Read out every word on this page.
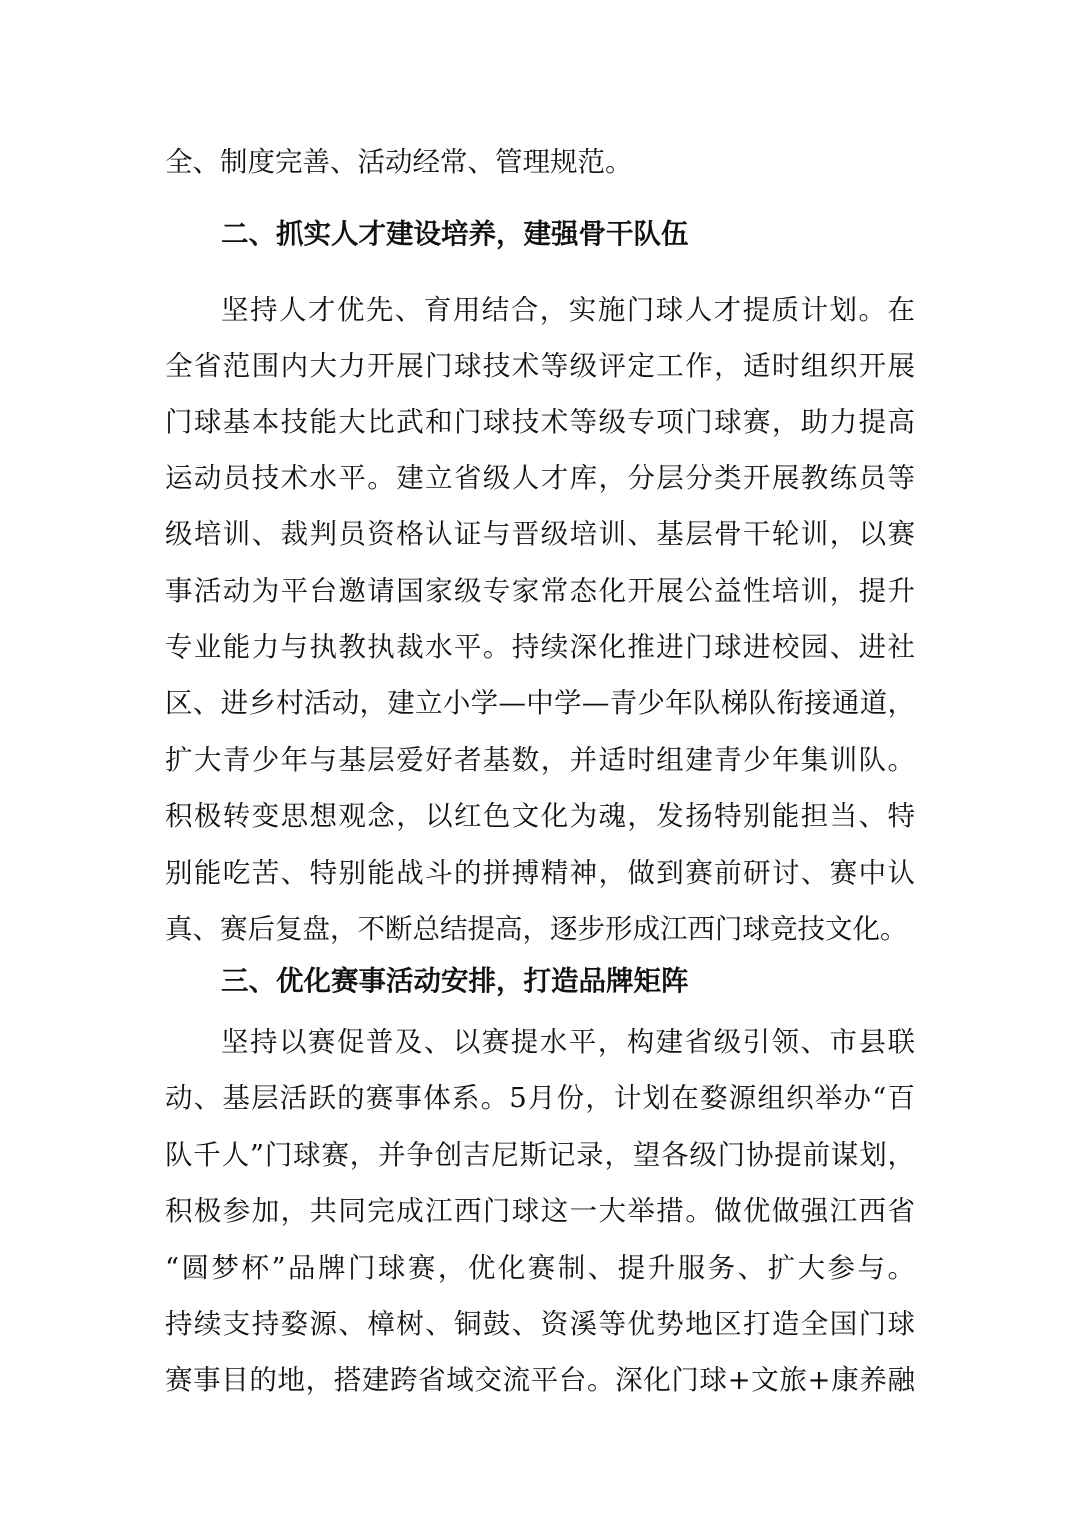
全、制度完善、活动经常、管理规范。
二、抓实人才建设培养，建强骨干队伍
坚持人才优先、育用结合，实施门球人才提质计划。在
全省范围内大力开展门球技术等级评定工作，适时组织开展
门球基本技能大比武和门球技术等级专项门球赛，助力提高
运动员技术水平。建立省级人才库，分层分类开展教练员等
级培训、裁判员资格认证与晋级培训、基层骨干轮训，以赛
事活动为平台邀请国家级专家常态化开展公益性培训，提升
专业能力与执教执裁水平。持续深化推进门球进校园、进社
区、进乡村活动，建立小学—中学—青少年队梯队衔接通道，
扩大青少年与基层爱好者基数，并适时组建青少年集训队。
积极转变思想观念，以红色文化为魂，发扬特别能担当、特
别能吃苦、特别能战斗的拼搏精神，做到赛前研讨、赛中认
真、赛后复盘，不断总结提高，逐步形成江西门球竞技文化。
三、优化赛事活动安排，打造品牌矩阵
坚持以赛促普及、以赛提水平，构建省级引领、市县联
动、基层活跃的赛事体系。5月份，计划在婺源组织举办“百
队千人”门球赛，并争创吉尼斯记录，望各级门协提前谋划，
积极参加，共同完成江西门球这一大举措。做优做强江西省
“圆梦杯”品牌门球赛，优化赛制、提升服务、扩大参与。
持续支持婺源、樟树、铜鼓、资溪等优势地区打造全国门球
赛事目的地，搭建跨省域交流平台。深化门球+文旅+康养融
